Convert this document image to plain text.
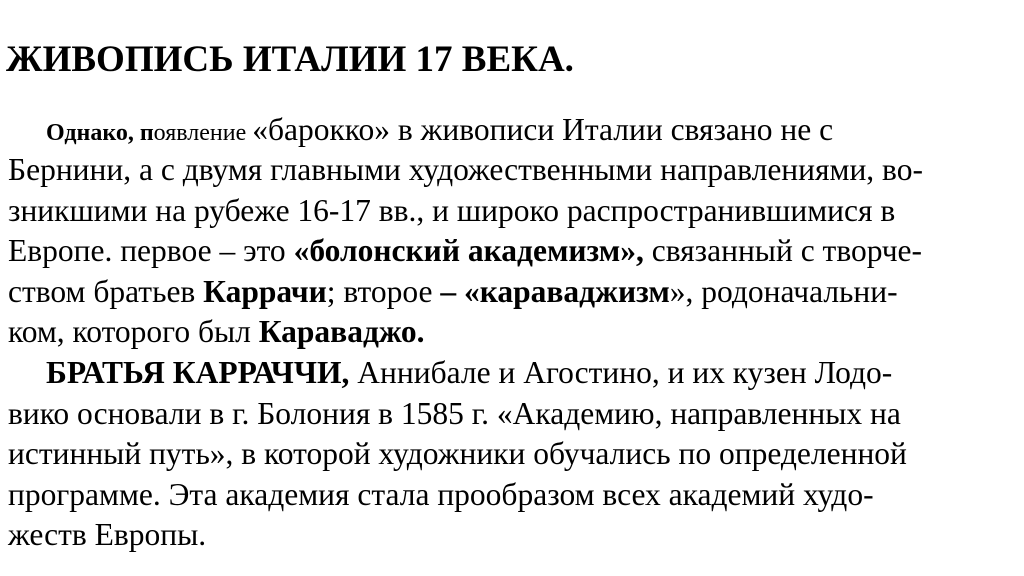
ЖИВОПИСЬ ИТАЛИИ 17 ВЕКА.
Однако, появление «барокко» в живописи Италии связано не с
Бернини, а с двумя главными художественными направлениями, во-
зникшими на рубеже 16-17 вв., и широко распространившимися в
Европе. первое – это «болонский академизм», связанный с творче-
ством братьев Каррачи; второе – «караваджизм», родоначальни-
ком, которого был Караваджо.
БРАТЬЯ КАРРАЧЧИ, Аннибале и Агостино, и их кузен Лодо-
вико основали в г. Болония в 1585 г. «Академию, направленных на
истинный путь», в которой художники обучались по определенной
программе. Эта академия стала прообразом всех академий худо-
жеств Европы.
